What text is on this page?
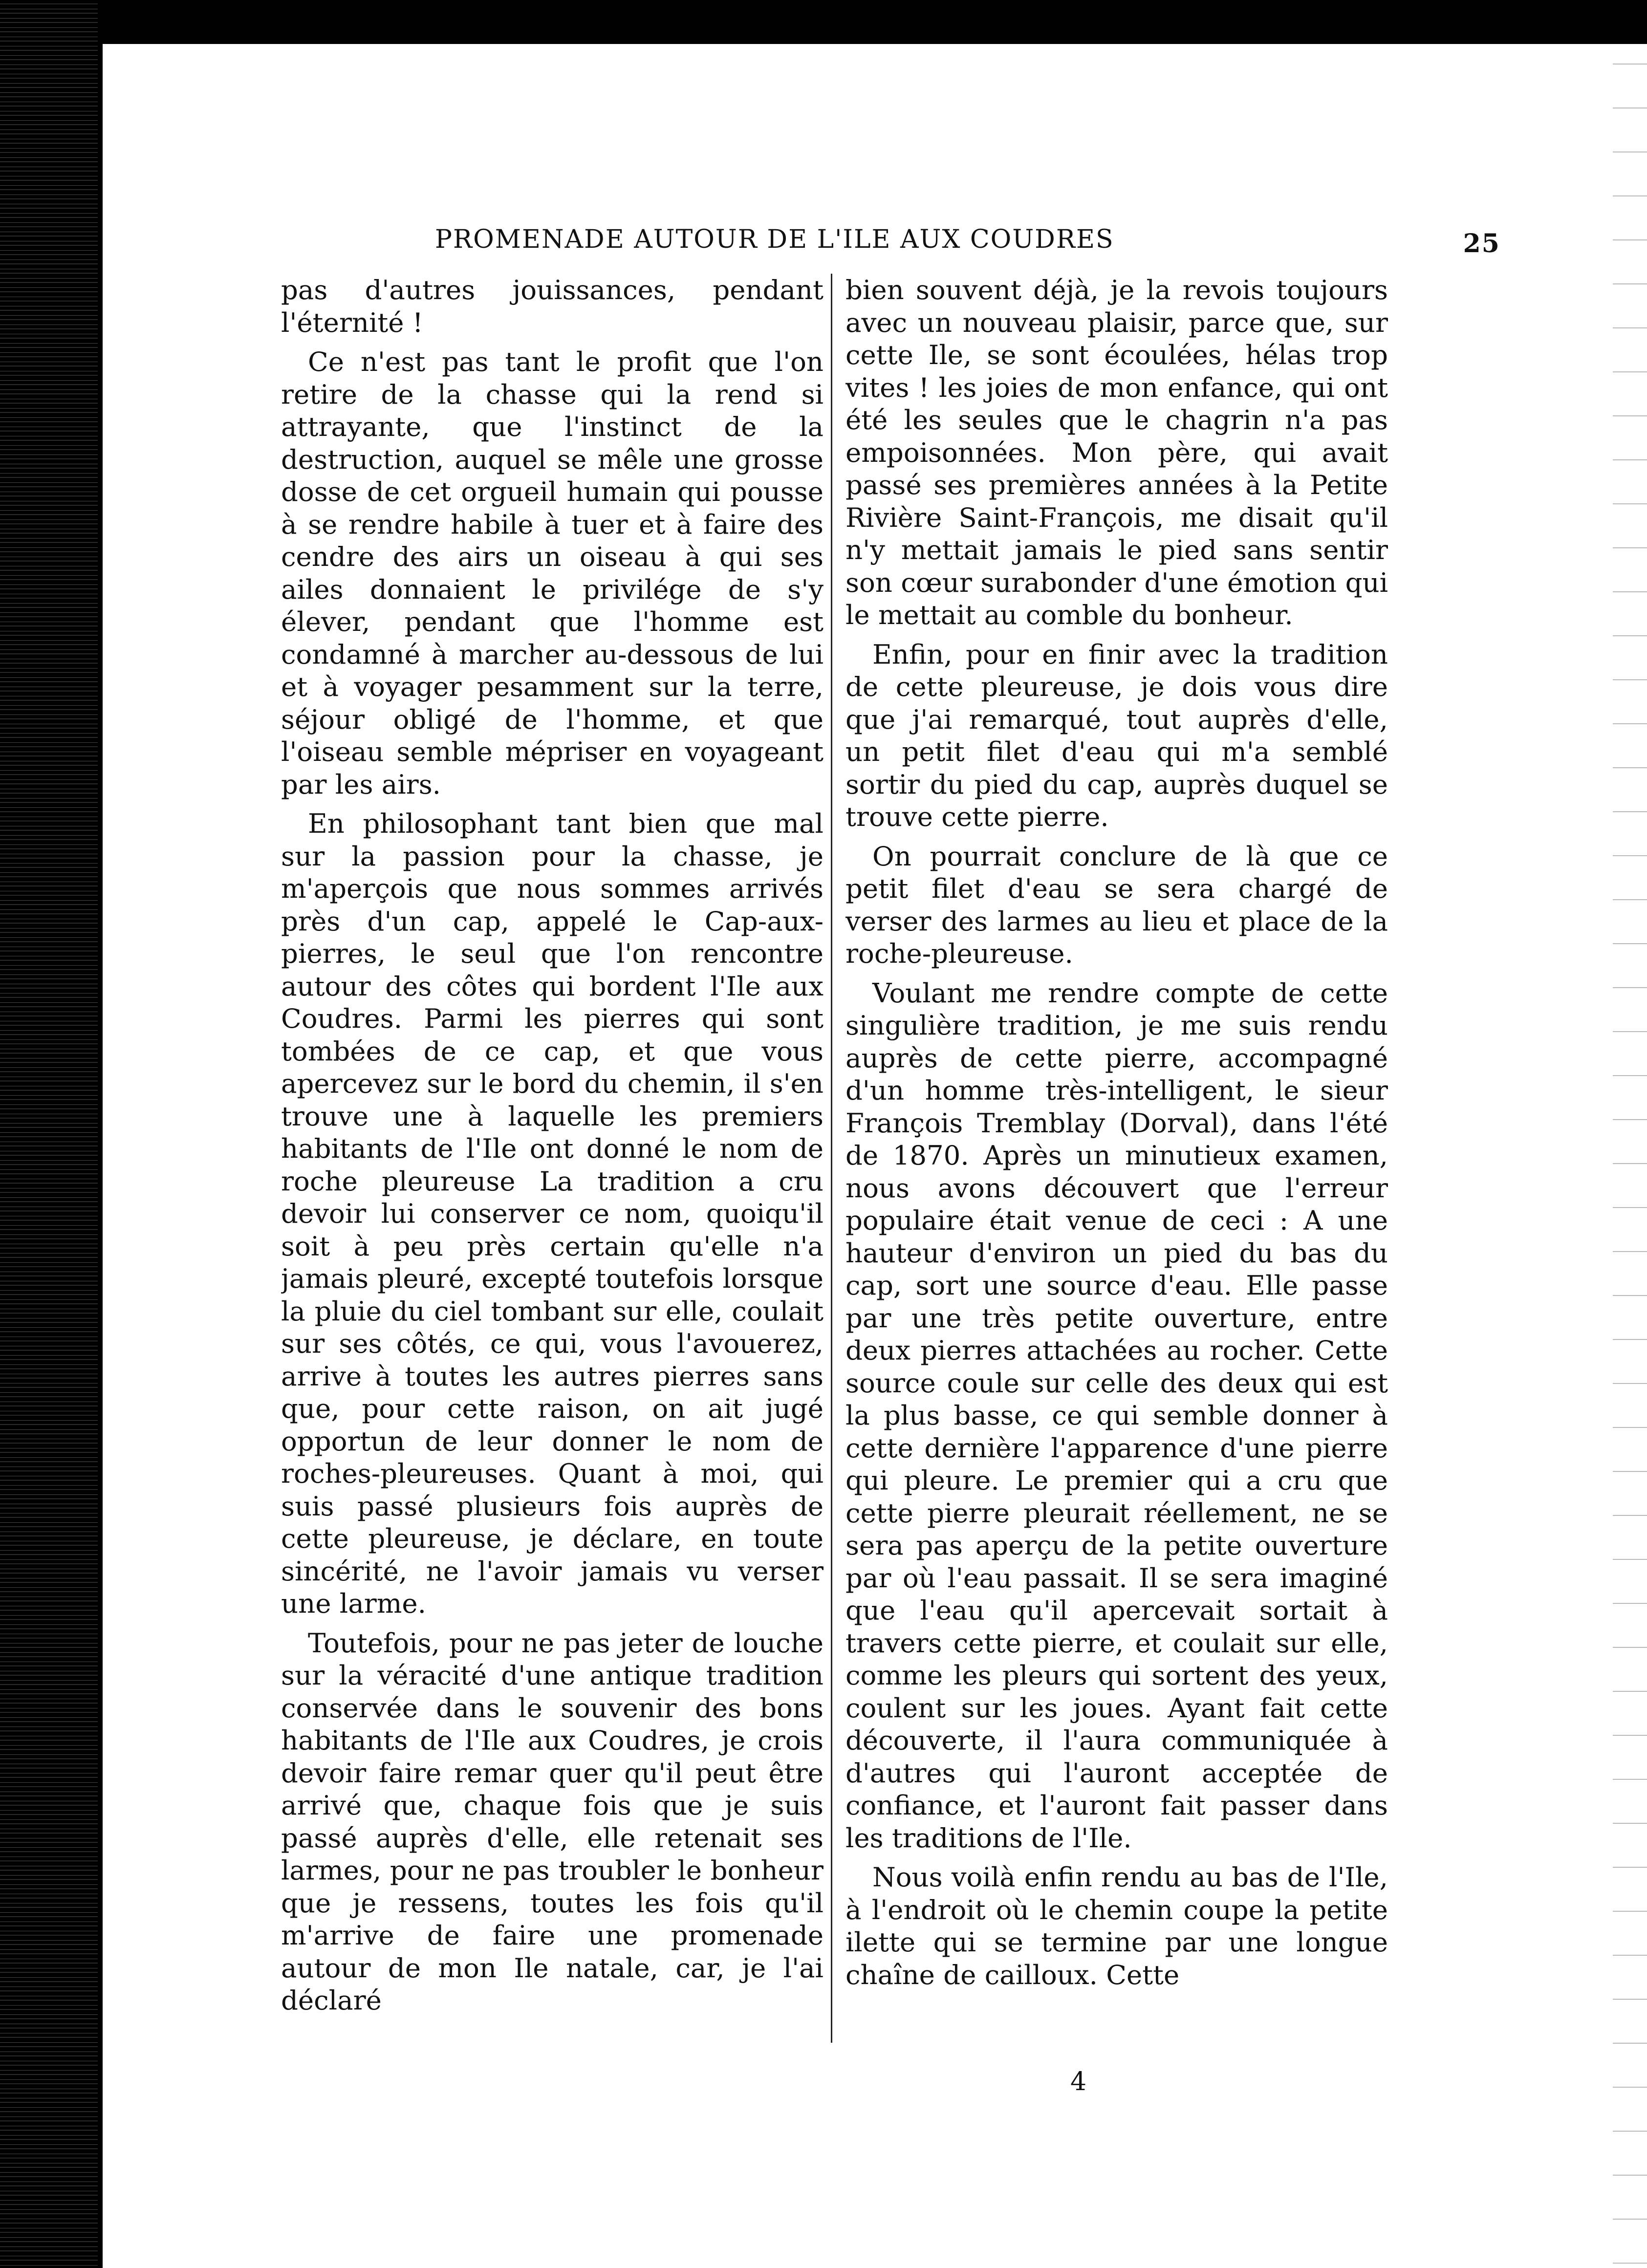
PROMENADE AUTOUR DE L'ILE AUX COUDRES	25

pas d'autres jouissances, pendant l'éternité !

Ce n'est pas tant le profit que l'on retire de la chasse qui la rend si attrayante, que l'instinct de la destruction, auquel se mêle une grosse dosse de cet orgueil humain qui pousse à se rendre habile à tuer et à faire des cendre des airs un oiseau à qui ses ailes donnaient le privilége de s'y élever, pendant que l'homme est condamné à marcher au-dessous de lui et à voyager pesamment sur la terre, séjour obligé de l'homme, et que l'oiseau semble mépriser en voyageant par les airs.

En philosophant tant bien que mal sur la passion pour la chasse, je m'aperçois que nous sommes arrivés près d'un cap, appelé le Cap-aux-pierres, le seul que l'on rencontre autour des côtes qui bordent l'Ile aux Coudres. Parmi les pierres qui sont tombées de ce cap, et que vous apercevez sur le bord du chemin, il s'en trouve une à laquelle les premiers habitants de l'Ile ont donné le nom de roche pleureuse La tradition a cru devoir lui conserver ce nom, quoiqu'il soit à peu près certain qu'elle n'a jamais pleuré, excepté toutefois lorsque la pluie du ciel tombant sur elle, coulait sur ses côtés, ce qui, vous l'avouerez, arrive à toutes les autres pierres sans que, pour cette raison, on ait jugé opportun de leur donner le nom de roches-pleureuses. Quant à moi, qui suis passé plusieurs fois auprès de cette pleureuse, je déclare, en toute sincérité, ne l'avoir jamais vu verser une larme.

Toutefois, pour ne pas jeter de louche sur la véracité d'une antique tradition conservée dans le souvenir des bons habitants de l'Ile aux Coudres, je crois devoir faire remar quer qu'il peut être arrivé que, chaque fois que je suis passé auprès d'elle, elle retenait ses larmes, pour ne pas troubler le bonheur que je ressens, toutes les fois qu'il m'arrive de faire une promenade autour de mon Ile natale, car, je l'ai déclaré

bien souvent déjà, je la revois toujours avec un nouveau plaisir, parce que, sur cette Ile, se sont écoulées, hélas trop vites ! les joies de mon enfance, qui ont été les seules que le chagrin n'a pas empoisonnées. Mon père, qui avait passé ses premières années à la Petite Rivière Saint-François, me disait qu'il n'y mettait jamais le pied sans sentir son cœur surabonder d'une émotion qui le mettait au comble du bonheur.

Enfin, pour en finir avec la tradition de cette pleureuse, je dois vous dire que j'ai remarqué, tout auprès d'elle, un petit filet d'eau qui m'a semblé sortir du pied du cap, auprès duquel se trouve cette pierre.

On pourrait conclure de là que ce petit filet d'eau se sera chargé de verser des larmes au lieu et place de la roche-pleureuse.

Voulant me rendre compte de cette singulière tradition, je me suis rendu auprès de cette pierre, accompagné d'un homme très-intelligent, le sieur François Tremblay (Dorval), dans l'été de 1870. Après un minutieux examen, nous avons découvert que l'erreur populaire était venue de ceci : A une hauteur d'environ un pied du bas du cap, sort une source d'eau. Elle passe par une très petite ouverture, entre deux pierres attachées au rocher. Cette source coule sur celle des deux qui est la plus basse, ce qui semble donner à cette dernière l'apparence d'une pierre qui pleure. Le premier qui a cru que cette pierre pleurait réellement, ne se sera pas aperçu de la petite ouverture par où l'eau passait. Il se sera imaginé que l'eau qu'il apercevait sortait à travers cette pierre, et coulait sur elle, comme les pleurs qui sortent des yeux, coulent sur les joues. Ayant fait cette découverte, il l'aura communiquée à d'autres qui l'auront acceptée de confiance, et l'auront fait passer dans les traditions de l'Ile.

Nous voilà enfin rendu au bas de l'Ile, à l'endroit où le chemin coupe la petite ilette qui se termine par une longue chaîne de cailloux. Cette

4
